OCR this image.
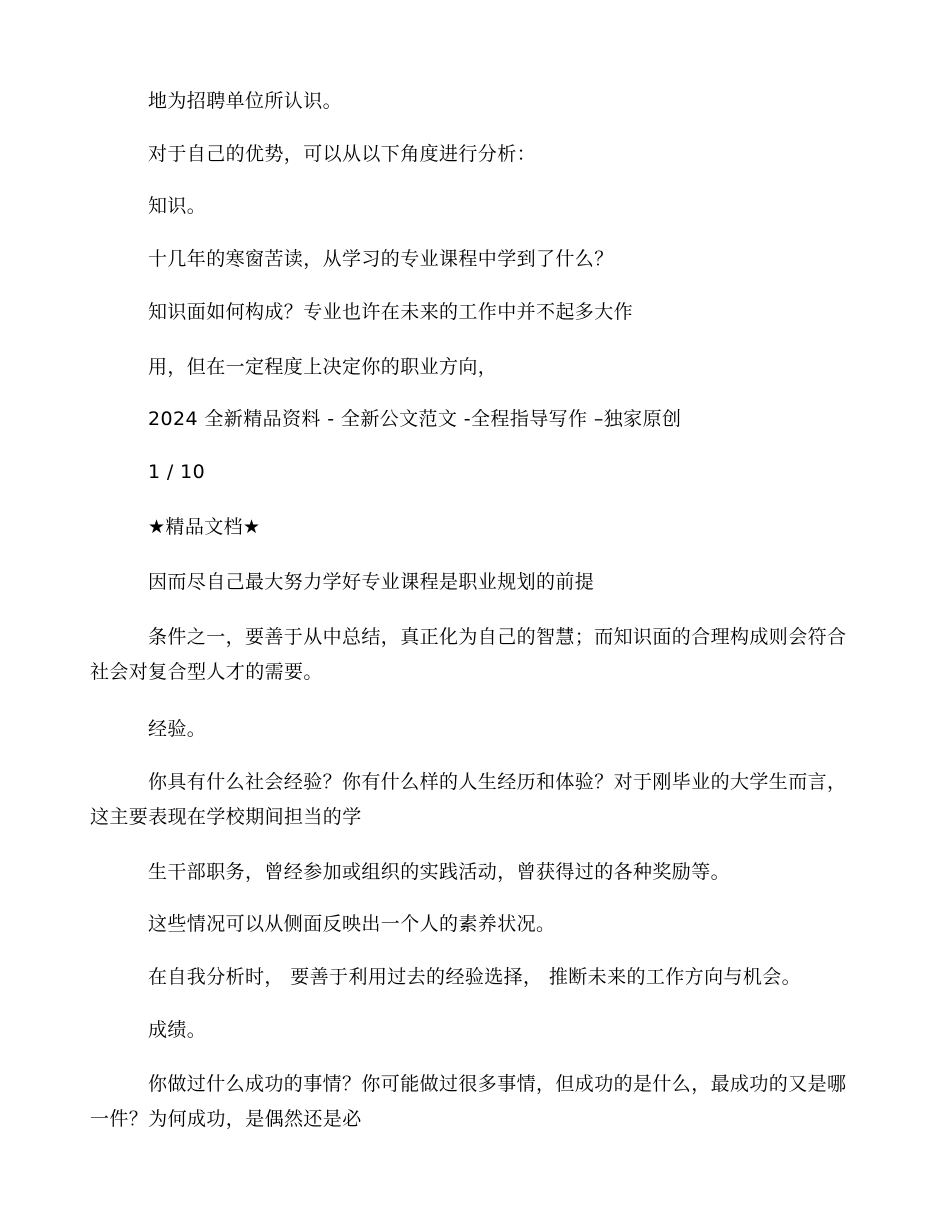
地为招聘单位所认识。
对于自己的优势，可以从以下角度进行分析：
知识。
十几年的寒窗苦读，从学习的专业课程中学到了什么？
知识面如何构成？专业也许在未来的工作中并不起多大作
用，但在一定程度上决定你的职业方向，
2024 全新精品资料 - 全新公文范文 -全程指导写作 –独家原创
1 / 10
★精品文档★
因而尽自己最大努力学好专业课程是职业规划的前提
条件之一，要善于从中总结，真正化为自己的智慧；而知识面的合理构成则会符合社会对复合型人才的需要。
经验。
你具有什么社会经验？你有什么样的人生经历和体验？对于刚毕业的大学生而言，这主要表现在学校期间担当的学
生干部职务，曾经参加或组织的实践活动，曾获得过的各种奖励等。
这些情况可以从侧面反映出一个人的素养状况。
在自我分析时， 要善于利用过去的经验选择， 推断未来的工作方向与机会。
成绩。
你做过什么成功的事情？你可能做过很多事情，但成功的是什么，最成功的又是哪一件？为何成功，是偶然还是必
